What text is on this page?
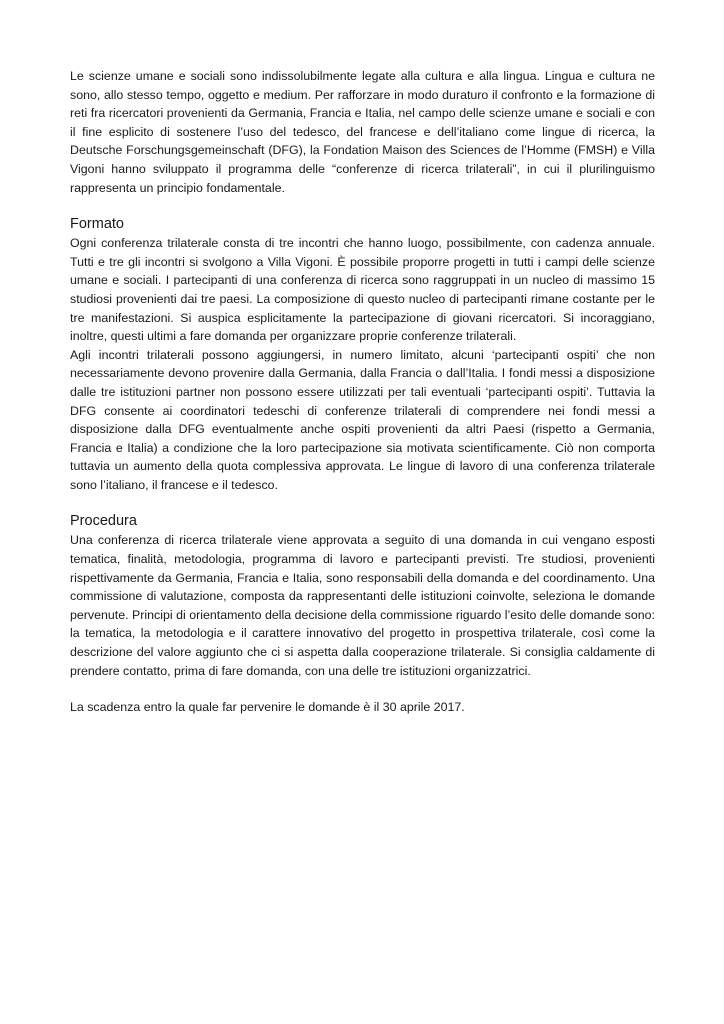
Le scienze umane e sociali sono indissolubilmente legate alla cultura e alla lingua. Lingua e cultura ne sono, allo stesso tempo, oggetto e medium. Per rafforzare in modo duraturo il confronto e la formazione di reti fra ricercatori provenienti da Germania, Francia e Italia, nel campo delle scienze umane e sociali e con il fine esplicito di sostenere l’uso del tedesco, del francese e dell’italiano come lingue di ricerca, la Deutsche Forschungsgemeinschaft (DFG), la Fondation Maison des Sciences de l’Homme (FMSH) e Villa Vigoni hanno sviluppato il programma delle “conferenze di ricerca trilaterali”, in cui il plurilinguismo rappresenta un principio fondamentale.

Formato

Ogni conferenza trilaterale consta di tre incontri che hanno luogo, possibilmente, con cadenza annuale. Tutti e tre gli incontri si svolgono a Villa Vigoni. È possibile proporre progetti in tutti i campi delle scienze umane e sociali. I partecipanti di una conferenza di ricerca sono raggruppati in un nucleo di massimo 15 studiosi provenienti dai tre paesi. La composizione di questo nucleo di partecipanti rimane costante per le tre manifestazioni. Si auspica esplicitamente la partecipazione di giovani ricercatori. Si incoraggiano, inoltre, questi ultimi a fare domanda per organizzare proprie conferenze trilaterali.

Agli incontri trilaterali possono aggiungersi, in numero limitato, alcuni ‘partecipanti ospiti’ che non necessariamente devono provenire dalla Germania, dalla Francia o dall’Italia. I fondi messi a disposizione dalle tre istituzioni partner non possono essere utilizzati per tali eventuali ‘partecipanti ospiti’. Tuttavia la DFG consente ai coordinatori tedeschi di conferenze trilaterali di comprendere nei fondi messi a disposizione dalla DFG eventualmente anche ospiti provenienti da altri Paesi (rispetto a Germania, Francia e Italia) a condizione che la loro partecipazione sia motivata scientificamente. Ciò non comporta tuttavia un aumento della quota complessiva approvata. Le lingue di lavoro di una conferenza trilaterale sono l’italiano, il francese e il tedesco.

Procedura

Una conferenza di ricerca trilaterale viene approvata a seguito di una domanda in cui vengano esposti tematica, finalità, metodologia, programma di lavoro e partecipanti previsti. Tre studiosi, provenienti rispettivamente da Germania, Francia e Italia, sono responsabili della domanda e del coordinamento. Una commissione di valutazione, composta da rappresentanti delle istituzioni coinvolte, seleziona le domande pervenute. Principi di orientamento della decisione della commissione riguardo l’esito delle domande sono: la tematica, la metodologia e il carattere innovativo del progetto in prospettiva trilaterale, così come la descrizione del valore aggiunto che ci si aspetta dalla cooperazione trilaterale. Si consiglia caldamente di prendere contatto, prima di fare domanda, con una delle tre istituzioni organizzatrici.

La scadenza entro la quale far pervenire le domande è il 30 aprile 2017.
